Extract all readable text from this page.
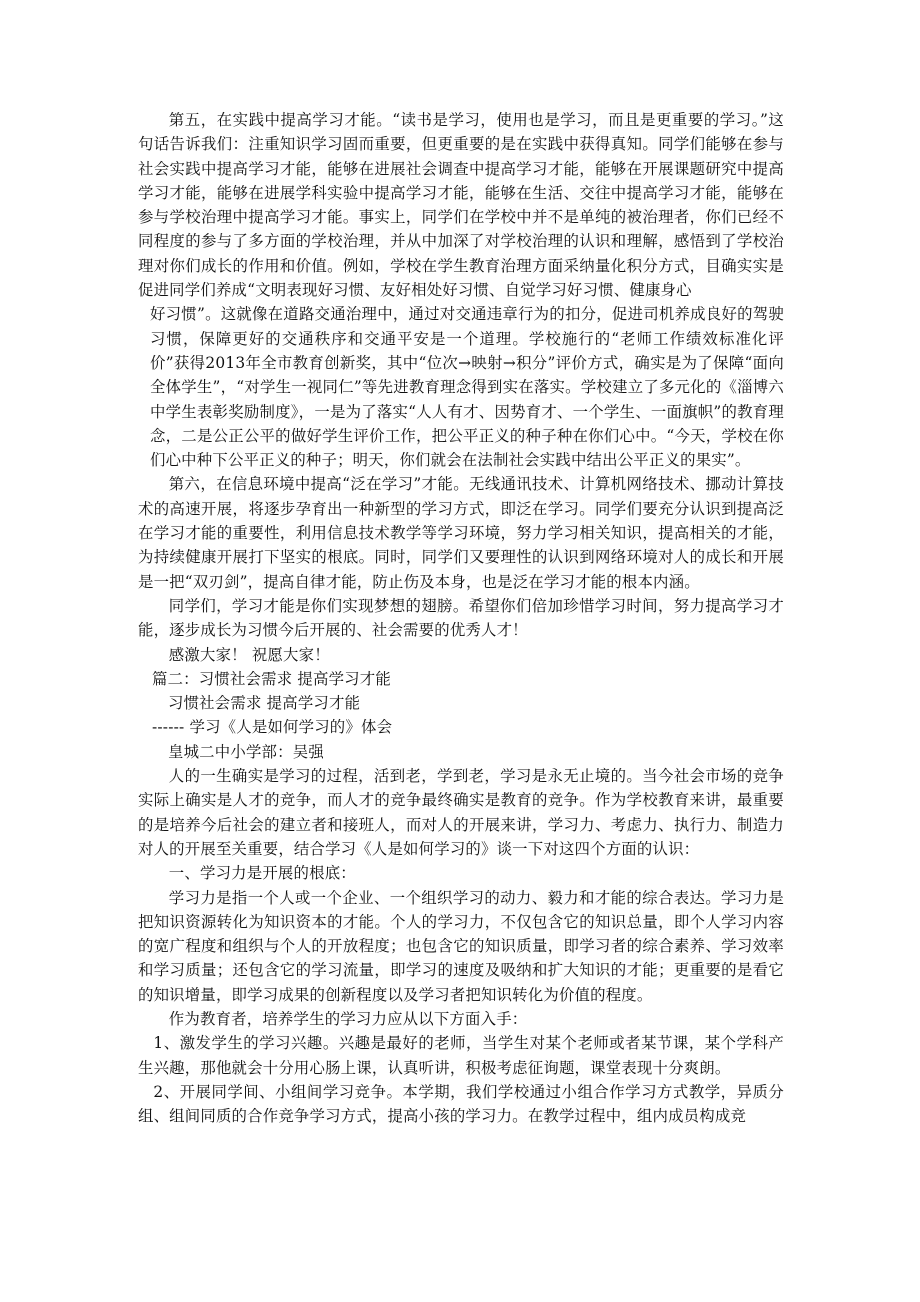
第五，在实践中提高学习才能。“读书是学习，使用也是学习，而且是更重要的学习。”这句话告诉我们：注重知识学习固而重要，但更重要的是在实践中获得真知。同学们能够在参与社会实践中提高学习才能，能够在进展社会调查中提高学习才能，能够在开展课题研究中提高学习才能，能够在进展学科实验中提高学习才能，能够在生活、交往中提高学习才能，能够在参与学校治理中提高学习才能。事实上，同学们在学校中并不是单纯的被治理者，你们已经不同程度的参与了多方面的学校治理，并从中加深了对学校治理的认识和理解，感悟到了学校治理对你们成长的作用和价值。例如，学校在学生教育治理方面采纳量化积分方式，目确实实是促进同学们养成“文明表现好习惯、友好相处好习惯、自觉学习好习惯、健康身心

好习惯”。这就像在道路交通治理中，通过对交通违章行为的扣分，促进司机养成良好的驾驶习惯，保障更好的交通秩序和交通平安是一个道理。学校施行的“老师工作绩效标准化评价”获得2013年全市教育创新奖，其中“位次→映射→积分”评价方式，确实是为了保障“面向全体学生”，“对学生一视同仁”等先进教育理念得到实在落实。学校建立了多元化的《淄博六中学生表彰奖励制度》，一是为了落实“人人有才、因势育才、一个学生、一面旗帜”的教育理念，二是公正公平的做好学生评价工作，把公平正义的种子种在你们心中。“今天，学校在你们心中种下公平正义的种子；明天，你们就会在法制社会实践中结出公平正义的果实”。

第六，在信息环境中提高“泛在学习”才能。无线通讯技术、计算机网络技术、挪动计算技术的高速开展，将逐步孕育出一种新型的学习方式，即泛在学习。同学们要充分认识到提高泛在学习才能的重要性，利用信息技术教学等学习环境，努力学习相关知识，提高相关的才能，为持续健康开展打下坚实的根底。同时，同学们又要理性的认识到网络环境对人的成长和开展是一把“双刃剑”，提高自律才能，防止伤及本身，也是泛在学习才能的根本内涵。

同学们，学习才能是你们实现梦想的翅膀。希望你们倍加珍惜学习时间，努力提高学习才能，逐步成长为习惯今后开展的、社会需要的优秀人才！

感激大家！ 祝愿大家！

篇二：习惯社会需求 提高学习才能

习惯社会需求 提高学习才能

------ 学习《人是如何学习的》体会

皇城二中小学部：吴强

人的一生确实是学习的过程，活到老，学到老，学习是永无止境的。当今社会市场的竞争实际上确实是人才的竞争，而人才的竞争最终确实是教育的竞争。作为学校教育来讲，最重要的是培养今后社会的建立者和接班人，而对人的开展来讲，学习力、考虑力、执行力、制造力对人的开展至关重要，结合学习《人是如何学习的》谈一下对这四个方面的认识：

一、学习力是开展的根底：

学习力是指一个人或一个企业、一个组织学习的动力、毅力和才能的综合表达。学习力是把知识资源转化为知识资本的才能。个人的学习力，不仅包含它的知识总量，即个人学习内容的宽广程度和组织与个人的开放程度；也包含它的知识质量，即学习者的综合素养、学习效率和学习质量；还包含它的学习流量，即学习的速度及吸纳和扩大知识的才能；更重要的是看它的知识增量，即学习成果的创新程度以及学习者把知识转化为价值的程度。

作为教育者，培养学生的学习力应从以下方面入手：

1、激发学生的学习兴趣。兴趣是最好的老师，当学生对某个老师或者某节课，某个学科产生兴趣，那他就会十分用心肠上课，认真听讲，积极考虑征询题，课堂表现十分爽朗。

2、开展同学间、小组间学习竞争。本学期，我们学校通过小组合作学习方式教学，异质分组、组间同质的合作竞争学习方式，提高小孩的学习力。在教学过程中，组内成员构成竞
